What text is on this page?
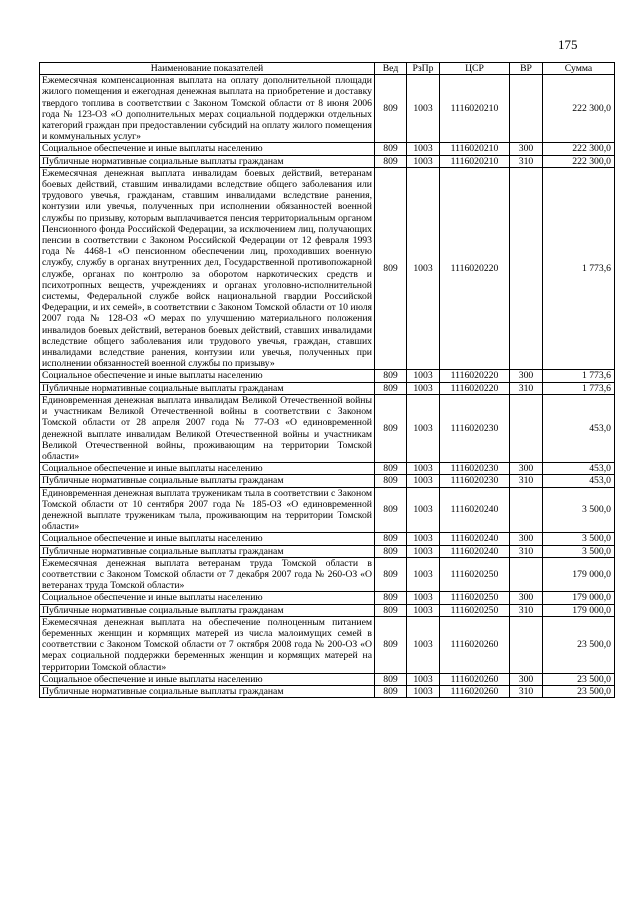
175
Наименование показателей	Вед	РзПр	ЦСР	ВР	Сумма
Ежемесячная компенсационная выплата на оплату дополнительной площади жилого помещения и ежегодная денежная выплата на приобретение и доставку твердого топлива в соответствии с Законом Томской области от 8 июня 2006 года № 123-ОЗ «О дополнительных мерах социальной поддержки отдельных категорий граждан при предоставлении субсидий на оплату жилого помещения и коммунальных услуг»	809	1003	1116020210		222 300,0
Социальное обеспечение и иные выплаты населению	809	1003	1116020210	300	222 300,0
Публичные нормативные социальные выплаты гражданам	809	1003	1116020210	310	222 300,0
Ежемесячная денежная выплата инвалидам боевых действий, ветеранам боевых действий, ставшим инвалидами вследствие общего заболевания или трудового увечья, гражданам, ставшим инвалидами вследствие ранения, контузии или увечья, полученных при исполнении обязанностей военной службы по призыву, которым выплачивается пенсия территориальным органом Пенсионного фонда Российской Федерации, за исключением лиц, получающих пенсии в соответствии с Законом Российской Федерации от 12 февраля 1993 года № 4468-1 «О пенсионном обеспечении лиц, проходивших военную службу, службу в органах внутренних дел, Государственной противопожарной службе, органах по контролю за оборотом наркотических средств и психотропных веществ, учреждениях и органах уголовно-исполнительной системы, Федеральной службе войск национальной гвардии Российской Федерации, и их семей», в соответствии с Законом Томской области от 10 июля 2007 года № 128-ОЗ «О мерах по улучшению материального положения инвалидов боевых действий, ветеранов боевых действий, ставших инвалидами вследствие общего заболевания или трудового увечья, граждан, ставших инвалидами вследствие ранения, контузии или увечья, полученных при исполнении обязанностей военной службы по призыву»	809	1003	1116020220		1 773,6
Социальное обеспечение и иные выплаты населению	809	1003	1116020220	300	1 773,6
Публичные нормативные социальные выплаты гражданам	809	1003	1116020220	310	1 773,6
Единовременная денежная выплата инвалидам Великой Отечественной войны и участникам Великой Отечественной войны в соответствии с Законом Томской области от 28 апреля 2007 года № 77-ОЗ «О единовременной денежной выплате инвалидам Великой Отечественной войны и участникам Великой Отечественной войны, проживающим на территории Томской области»	809	1003	1116020230		453,0
Социальное обеспечение и иные выплаты населению	809	1003	1116020230	300	453,0
Публичные нормативные социальные выплаты гражданам	809	1003	1116020230	310	453,0
Единовременная денежная выплата труженикам тыла в соответствии с Законом Томской области от 10 сентября 2007 года № 185-ОЗ «О единовременной денежной выплате труженикам тыла, проживающим на территории Томской области»	809	1003	1116020240		3 500,0
Социальное обеспечение и иные выплаты населению	809	1003	1116020240	300	3 500,0
Публичные нормативные социальные выплаты гражданам	809	1003	1116020240	310	3 500,0
Ежемесячная денежная выплата ветеранам труда Томской области в соответствии с Законом Томской области от 7 декабря 2007 года № 260-ОЗ «О ветеранах труда Томской области»	809	1003	1116020250		179 000,0
Социальное обеспечение и иные выплаты населению	809	1003	1116020250	300	179 000,0
Публичные нормативные социальные выплаты гражданам	809	1003	1116020250	310	179 000,0
Ежемесячная денежная выплата на обеспечение полноценным питанием беременных женщин и кормящих матерей из числа малоимущих семей в соответствии с Законом Томской области от 7 октября 2008 года № 200-ОЗ «О мерах социальной поддержки беременных женщин и кормящих матерей на территории Томской области»	809	1003	1116020260		23 500,0
Социальное обеспечение и иные выплаты населению	809	1003	1116020260	300	23 500,0
Публичные нормативные социальные выплаты гражданам	809	1003	1116020260	310	23 500,0
